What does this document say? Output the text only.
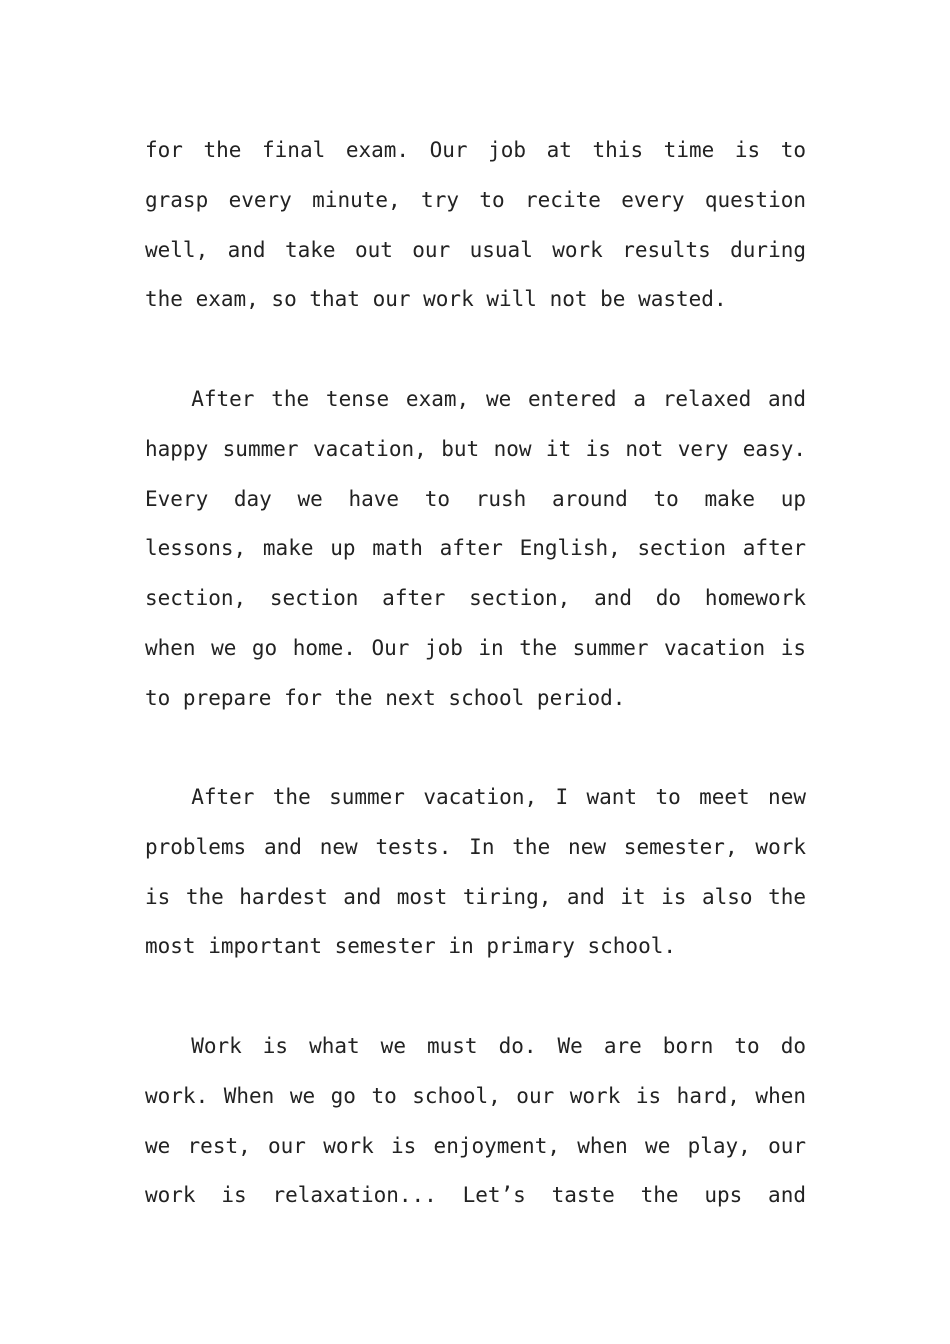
for the final exam. Our job at this time is to
grasp every minute, try to recite every question
well, and take out our usual work results during
the exam, so that our work will not be wasted.
After the tense exam, we entered a relaxed and
happy summer vacation, but now it is not very easy.
Every day we have to rush around to make up
lessons, make up math after English, section after
section, section after section, and do homework
when we go home. Our job in the summer vacation is
to prepare for the next school period.
After the summer vacation, I want to meet new
problems and new tests. In the new semester, work
is the hardest and most tiring, and it is also the
most important semester in primary school.
Work is what we must do. We are born to do
work. When we go to school, our work is hard, when
we rest, our work is enjoyment, when we play, our
work is relaxation... Let’s taste the ups and
